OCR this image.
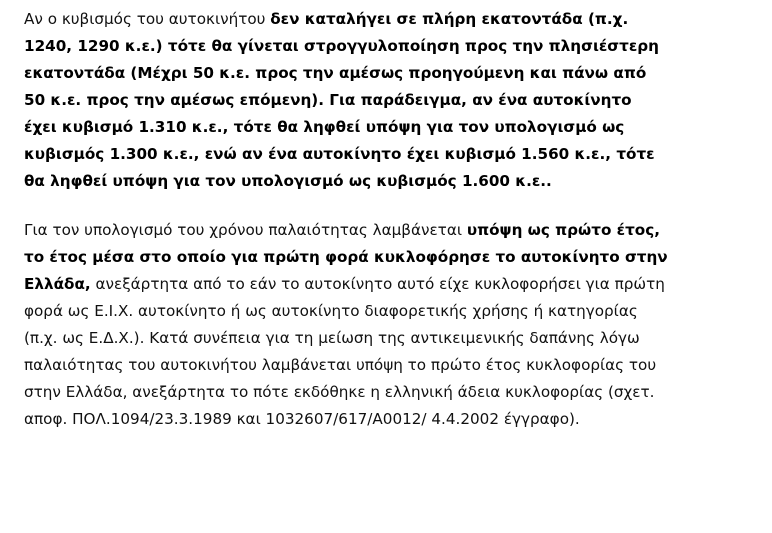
Αν ο κυβισμός του αυτοκινήτου δεν καταλήγει σε πλήρη εκατοντάδα (π.χ.
1240, 1290 κ.ε.) τότε θα γίνεται στρογγυλοποίηση προς την πλησιέστερη
εκατοντάδα (Μέχρι 50 κ.ε. προς την αμέσως προηγούμενη και πάνω από
50 κ.ε. προς την αμέσως επόμενη). Για παράδειγμα, αν ένα αυτοκίνητο
έχει κυβισμό 1.310 κ.ε., τότε θα ληφθεί υπόψη για τον υπολογισμό ως
κυβισμός 1.300 κ.ε., ενώ αν ένα αυτοκίνητο έχει κυβισμό 1.560 κ.ε., τότε
θα ληφθεί υπόψη για τον υπολογισμό ως κυβισμός 1.600 κ.ε..
Για τον υπολογισμό του χρόνου παλαιότητας λαμβάνεται υπόψη ως πρώτο έτος,
το έτος μέσα στο οποίο για πρώτη φορά κυκλοφόρησε το αυτοκίνητο στην
Ελλάδα, ανεξάρτητα από το εάν το αυτοκίνητο αυτό είχε κυκλοφορήσει για πρώτη
φορά ως Ε.Ι.Χ. αυτοκίνητο ή ως αυτοκίνητο διαφορετικής χρήσης ή κατηγορίας
(π.χ. ως Ε.Δ.Χ.). Κατά συνέπεια για τη μείωση της αντικειμενικής δαπάνης λόγω
παλαιότητας του αυτοκινήτου λαμβάνεται υπόψη το πρώτο έτος κυκλοφορίας του
στην Ελλάδα, ανεξάρτητα το πότε εκδόθηκε η ελληνική άδεια κυκλοφορίας (σχετ.
αποφ. ΠΟΛ.1094/23.3.1989 και 1032607/617/Α0012/ 4.4.2002 έγγραφο).
